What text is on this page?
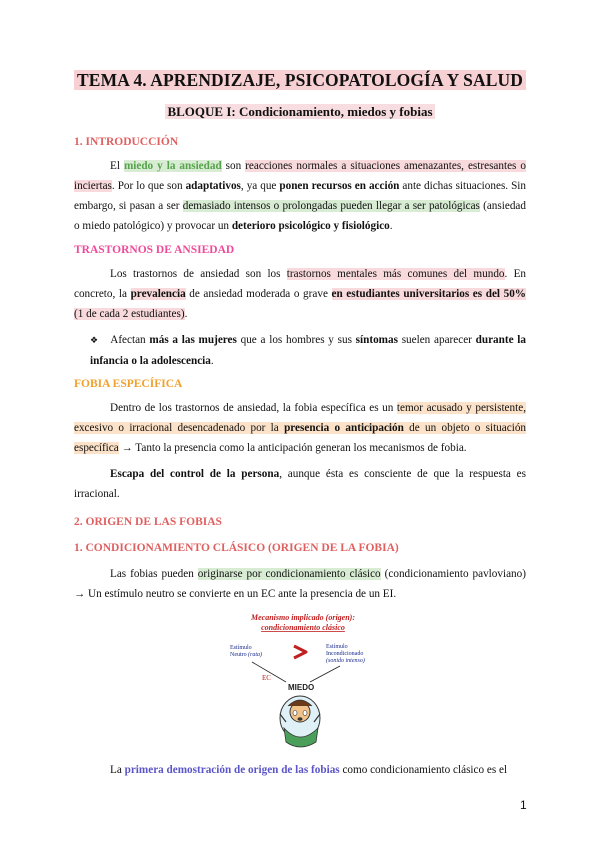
TEMA 4. APRENDIZAJE, PSICOPATOLOGÍA Y SALUD
BLOQUE I: Condicionamiento, miedos y fobias
1. INTRODUCCIÓN
El miedo y la ansiedad son reacciones normales a situaciones amenazantes, estresantes o inciertas. Por lo que son adaptativos, ya que ponen recursos en acción ante dichas situaciones. Sin embargo, si pasan a ser demasiado intensos o prolongadas pueden llegar a ser patológicas (ansiedad o miedo patológico) y provocar un deterioro psicológico y fisiológico.
TRASTORNOS DE ANSIEDAD
Los trastornos de ansiedad son los trastornos mentales más comunes del mundo. En concreto, la prevalencia de ansiedad moderada o grave en estudiantes universitarios es del 50% (1 de cada 2 estudiantes).
❖ Afectan más a las mujeres que a los hombres y sus síntomas suelen aparecer durante la infancia o la adolescencia.
FOBIA ESPECÍFICA
Dentro de los trastornos de ansiedad, la fobia específica es un temor acusado y persistente, excesivo o irracional desencadenado por la presencia o anticipación de un objeto o situación específica → Tanto la presencia como la anticipación generan los mecanismos de fobia.
Escapa del control de la persona, aunque ésta es consciente de que la respuesta es irracional.
2. ORIGEN DE LAS FOBIAS
1. CONDICIONAMIENTO CLÁSICO (ORIGEN DE LA FOBIA)
Las fobias pueden originarse por condicionamiento clásico (condicionamiento pavloviano) → Un estímulo neutro se convierte en un EC ante la presencia de un EI.
Mecanismo implicado (origen):
condicionamiento clásico
Estímulo
Neutro (rata)
Estímulo
Incondicionado
(sonido intenso)
EC
MIEDO
La primera demostración de origen de las fobias como condicionamiento clásico es el
1
